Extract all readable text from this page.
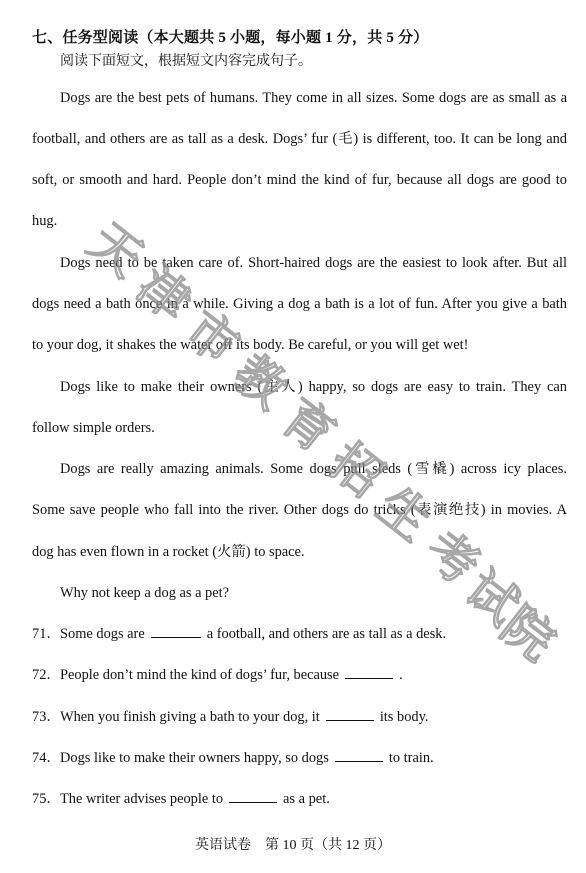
七、任务型阅读（本大题共 5 小题，每小题 1 分，共 5 分）
阅读下面短文，根据短文内容完成句子。
Dogs are the best pets of humans. They come in all sizes. Some dogs are as small as a
football, and others are as tall as a desk. Dogs’ fur (毛) is different, too. It can be long and
soft, or smooth and hard. People don’t mind the kind of fur, because all dogs are good to
hug.
Dogs need to be taken care of. Short-haired dogs are the easiest to look after. But all
dogs need a bath once in a while. Giving a dog a bath is a lot of fun. After you give a bath
to your dog, it shakes the water off its body. Be careful, or you will get wet!
Dogs like to make their owners (主人) happy, so dogs are easy to train. They can
follow simple orders.
Dogs are really amazing animals. Some dogs pull sleds (雪橇) across icy places.
Some save people who fall into the river. Other dogs do tricks (表演绝技) in movies. A
dog has even flown in a rocket (火箭) to space.
Why not keep a dog as a pet?
71．Some dogs are	a football, and others are as tall as a desk.
72．People don’t mind the kind of dogs’ fur, because	.
73．When you finish giving a bath to your dog, it	its body.
74．Dogs like to make their owners happy, so dogs	to train.
75．The writer advises people to	as a pet.
英语试卷　第 10 页（共 12 页）
天
津
市
教
育
招
生
考
试
院
